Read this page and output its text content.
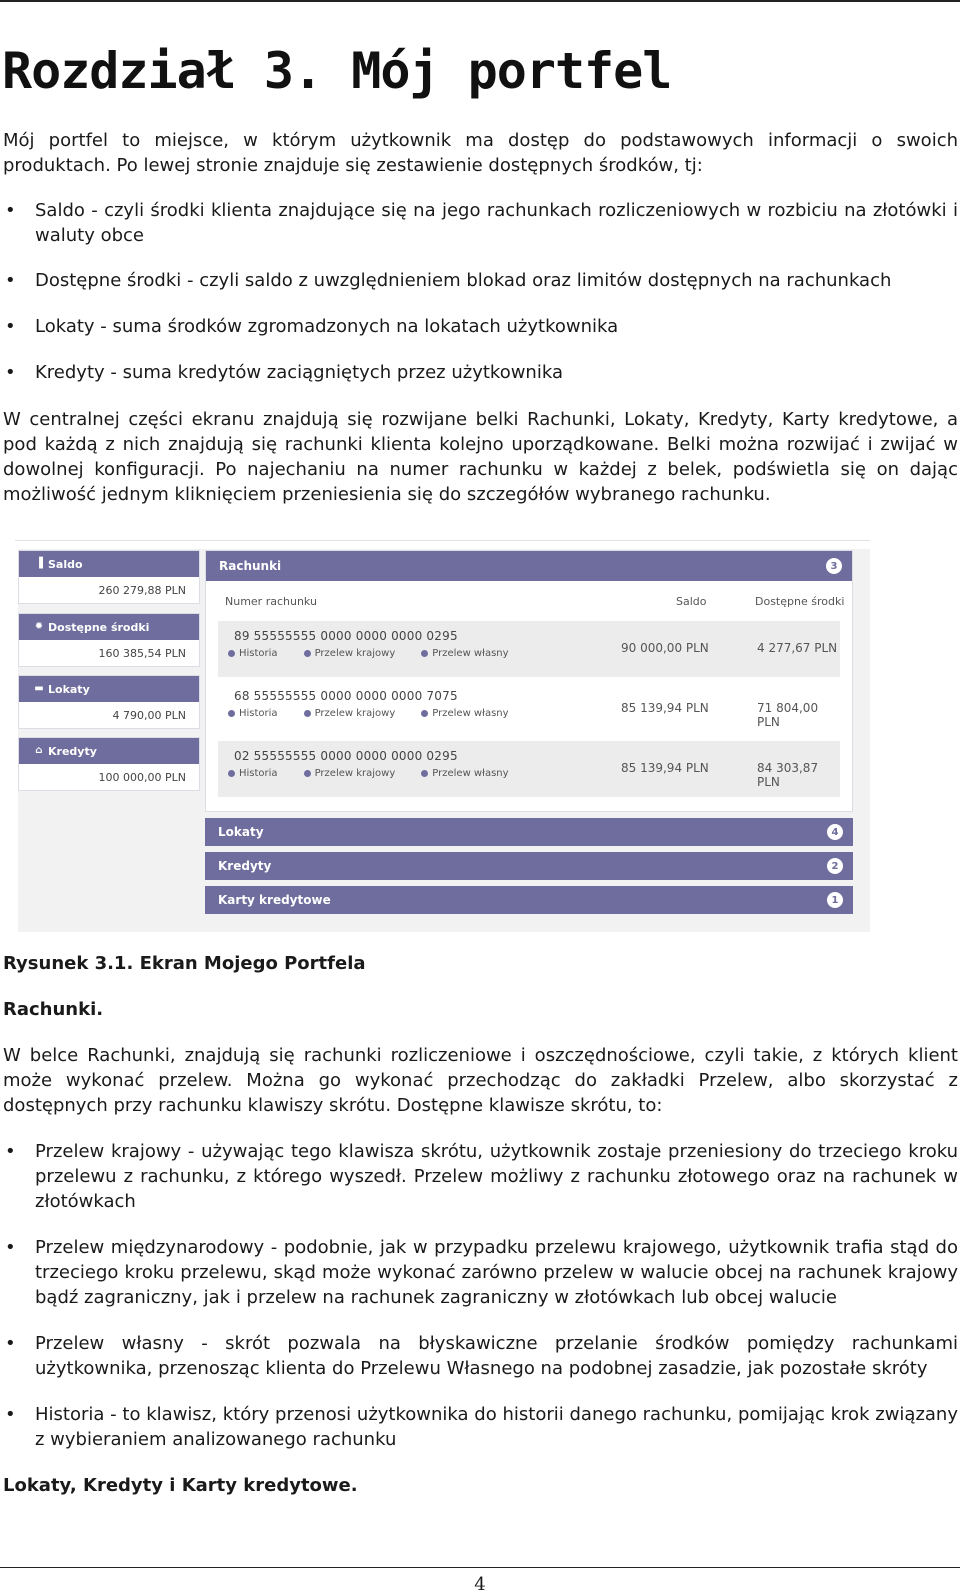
Rozdział 3. Mój portfel

Mój portfel to miejsce, w którym użytkownik ma dostęp do podstawowych informacji o swoich produktach. Po lewej stronie znajduje się zestawienie dostępnych środków, tj:

• Saldo - czyli środki klienta znajdujące się na jego rachunkach rozliczeniowych w rozbiciu na złotówki i waluty obce
• Dostępne środki - czyli saldo z uwzględnieniem blokad oraz limitów dostępnych na rachunkach
• Lokaty - suma środków zgromadzonych na lokatach użytkownika
• Kredyty - suma kredytów zaciągniętych przez użytkownika

W centralnej części ekranu znajdują się rozwijane belki Rachunki, Lokaty, Kredyty, Karty kredytowe, a pod każdą z nich znajdują się rachunki klienta kolejno uporządkowane. Belki można rozwijać i zwijać w dowolnej konfiguracji. Po najechaniu na numer rachunku w każdej z belek, podświetla się on dając możliwość jednym kliknięciem przeniesienia się do szczegółów wybranego rachunku.

▐ Saldo
260 279,88 PLN
✹ Dostępne środki
160 385,54 PLN
▬ Lokaty
4 790,00 PLN
⌂ Kredyty
100 000,00 PLN
Rachunki	3
Numer rachunku	Saldo	Dostępne środki
89 55555555 0000 0000 0000 0295
Historia	Przelew krajowy	Przelew własny	90 000,00 PLN	4 277,67 PLN
68 55555555 0000 0000 0000 7075
Historia	Przelew krajowy	Przelew własny	85 139,94 PLN	71 804,00 PLN
02 55555555 0000 0000 0000 0295
Historia	Przelew krajowy	Przelew własny	85 139,94 PLN	84 303,87 PLN
Lokaty	4
Kredyty	2
Karty kredytowe	1
Rysunek 3.1. Ekran Mojego Portfela
Rachunki.

W belce Rachunki, znajdują się rachunki rozliczeniowe i oszczędnościowe, czyli takie, z których klient może wykonać przelew. Można go wykonać przechodząc do zakładki Przelew, albo skorzystać z dostępnych przy rachunku klawiszy skrótu. Dostępne klawisze skrótu, to:

• Przelew krajowy - używając tego klawisza skrótu, użytkownik zostaje przeniesiony do trzeciego kroku przelewu z rachunku, z którego wyszedł. Przelew możliwy z rachunku złotowego oraz na rachunek w złotówkach
• Przelew międzynarodowy - podobnie, jak w przypadku przelewu krajowego, użytkownik trafia stąd do trzeciego kroku przelewu, skąd może wykonać zarówno przelew w walucie obcej na rachunek krajowy bądź zagraniczny, jak i przelew na rachunek zagraniczny w złotówkach lub obcej walucie
• Przelew własny - skrót pozwala na błyskawiczne przelanie środków pomiędzy rachunkami użytkownika, przenosząc klienta do Przelewu Własnego na podobnej zasadzie, jak pozostałe skróty
• Historia - to klawisz, który przenosi użytkownika do historii danego rachunku, pomijając krok związany z wybieraniem analizowanego rachunku
Lokaty, Kredyty i Karty kredytowe.
4
